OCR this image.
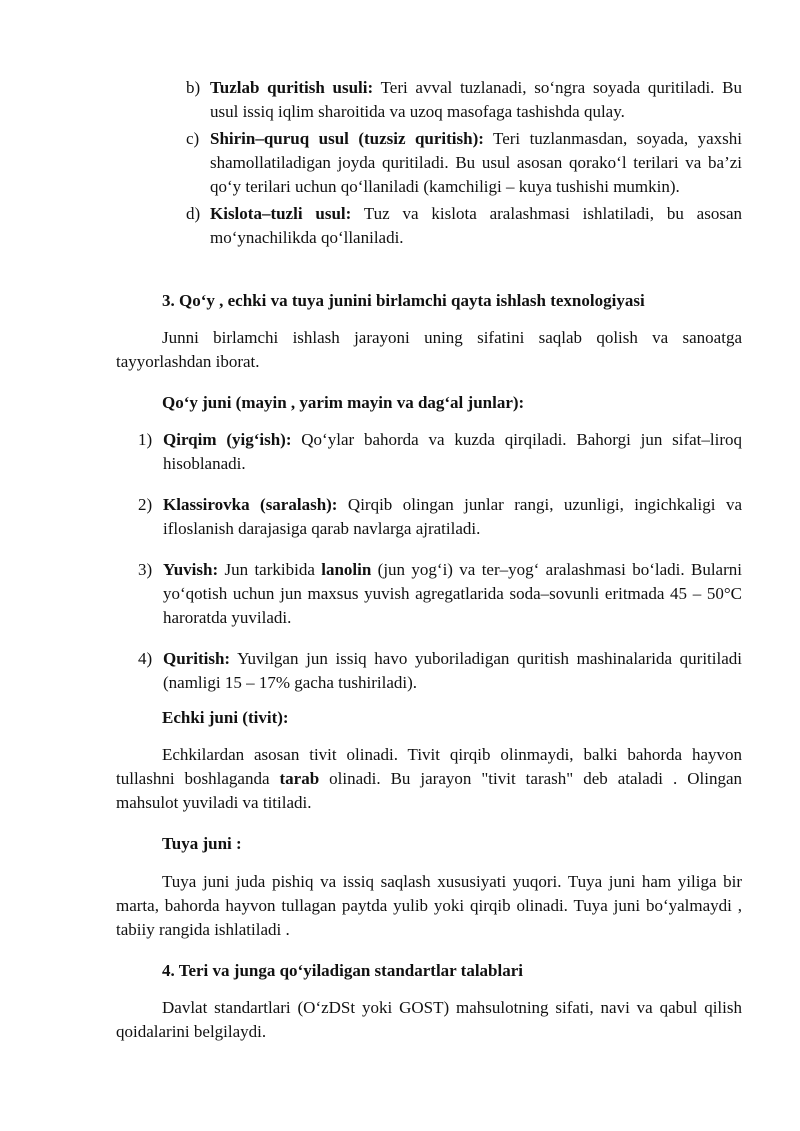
b) Tuzlab quritish usuli: Teri avval tuzlanadi, so‘ngra soyada quritiladi. Bu usul issiq iqlim sharoitida va uzoq masofaga tashishda qulay.
c) Shirin–quruq usul (tuzsiz quritish): Teri tuzlanmasdan, soyada, yaxshi shamollatiladigan joyda quritiladi. Bu usul asosan qorako‘l terilari va ba’zi qo‘y terilari uchun qo‘llaniladi (kamchiligi – kuya tushishi mumkin).
d) Kislota–tuzli usul: Tuz va kislota aralashmasi ishlatiladi, bu asosan mo‘ynachilikda qo‘llaniladi.
3. Qo‘y , echki va tuya junini birlamchi qayta ishlash texnologiyasi
Junni birlamchi ishlash jarayoni uning sifatini saqlab qolish va sanoatga tayyorlashdan iborat.
Qo‘y juni (mayin , yarim mayin va dag‘al junlar):
1) Qirqim (yig‘ish): Qo‘ylar bahorda va kuzda qirqiladi. Bahorgi jun sifat–liroq hisoblanadi.
2) Klassirovka (saralash): Qirqib olingan junlar rangi, uzunligi, ingichkaligi va ifloslanish darajasiga qarab navlarga ajratiladi.
3) Yuvish: Jun tarkibida lanolin (jun yog‘i) va ter–yog‘ aralashmasi bo‘ladi. Bularni yo‘qotish uchun jun maxsus yuvish agregatlarida soda–sovunli eritmada 45 – 50°C haroratda yuviladi.
4) Quritish: Yuvilgan jun issiq havo yuboriladigan quritish mashinalarida quritiladi (namligi 15 – 17% gacha tushiriladi).
Echki juni (tivit):
Echkilardan asosan tivit olinadi. Tivit qirqib olinmaydi, balki bahorda hayvon tullashni boshlaganda tarab olinadi. Bu jarayon "tivit tarash" deb ataladi . Olingan mahsulot yuviladi va titiladi.
Tuya juni :
Tuya juni juda pishiq va issiq saqlash xususiyati yuqori. Tuya juni ham yiliga bir marta, bahorda hayvon tullagan paytda yulib yoki qirqib olinadi. Tuya juni bo‘yalmaydi , tabiiy rangida ishlatiladi .
4. Teri va junga qo‘yiladigan standartlar talablari
Davlat standartlari (O‘zDSt yoki GOST) mahsulotning sifati, navi va qabul qilish qoidalarini belgilaydi.
